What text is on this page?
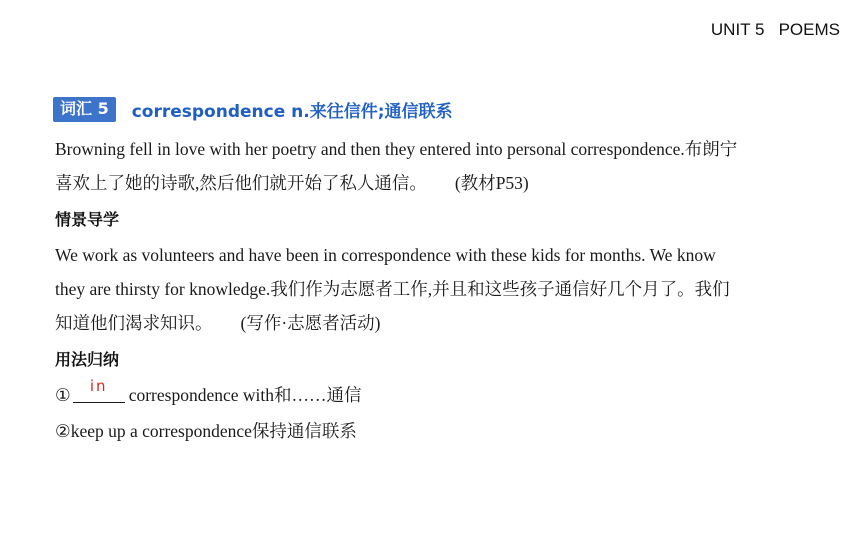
UNIT 5   POEMS
词汇 5	correspondence n.来往信件;通信联系
Browning fell in love with her poetry and then they entered into personal correspondence.布朗宁
喜欢上了她的诗歌,然后他们就开始了私人通信。 (教材P53)
情景导学
We work as volunteers and have been in correspondence with these kids for months. We know
they are thirsty for knowledge.我们作为志愿者工作,并且和这些孩子通信好几个月了。我们
知道他们渴求知识。 (写作·志愿者活动)
用法归纳
①	in	correspondence with和……通信
②keep up a correspondence保持通信联系
